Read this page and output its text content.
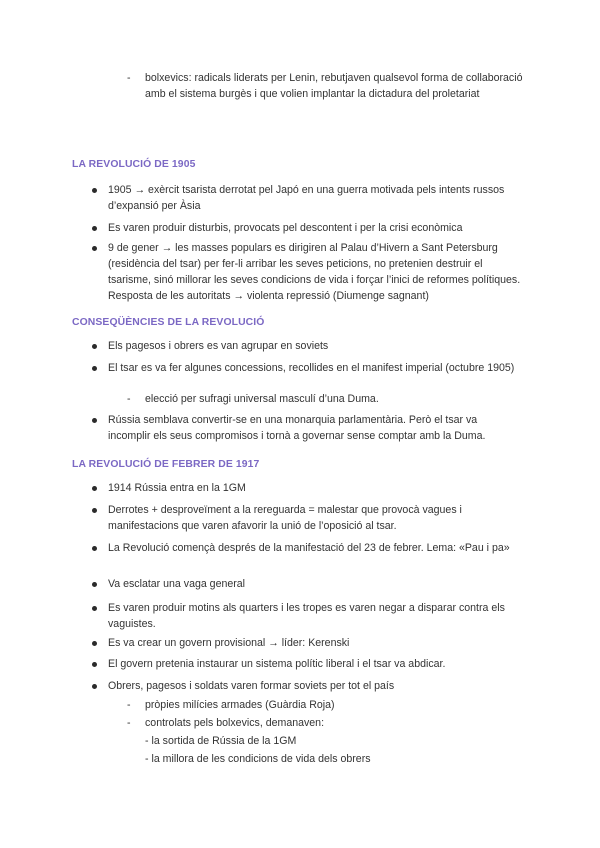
- bolxevics: radicals liderats per Lenin, rebutjaven qualsevol forma de collaboració amb el sistema burgès i que volien implantar la dictadura del proletariat
LA REVOLUCIÓ DE 1905
1905 → exèrcit tsarista derrotat pel Japó en una guerra motivada pels intents russos d’expansió per Àsia
Es varen produir disturbis, provocats pel descontent i per la crisi econòmica
9 de gener → les masses populars es dirigiren al Palau d’Hivern a Sant Petersburg (residència del tsar) per fer-li arribar les seves peticions, no pretenien destruir el tsarisme, sinó millorar les seves condicions de vida i forçar l’inici de reformes polítiques. Resposta de les autoritats → violenta repressió (Diumenge sagnant)
CONSEQÜÈNCIES DE LA REVOLUCIÓ
Els pagesos i obrers es van agrupar en soviets
El tsar es va fer algunes concessions, recollides en el manifest imperial (octubre 1905)
- elecció per sufragi universal masculí d’una Duma.
Rússia semblava convertir-se en una monarquia parlamentària. Però el tsar va incomplir els seus compromisos i tornà a governar sense comptar amb la Duma.
LA REVOLUCIÓ DE FEBRER DE 1917
1914 Rússia entra en la 1GM
Derrotes + desproveïment a la rereguarda = malestar que provocà vagues i manifestacions que varen afavorir la unió de l’oposició al tsar.
La Revolució començà després de la manifestació del 23 de febrer. Lema: «Pau i pa»
Va esclatar una vaga general
Es varen produir motins als quarters i les tropes es varen negar a disparar contra els vaguistes.
Es va crear un govern provisional → líder: Kerenski
El govern pretenia instaurar un sistema polític liberal i el tsar va abdicar.
Obrers, pagesos i soldats varen formar soviets per tot el país
- pròpies milícies armades (Guàrdia Roja)
- controlats pels bolxevics, demanaven:
- la sortida de Rússia de la 1GM
- la millora de les condicions de vida dels obrers
